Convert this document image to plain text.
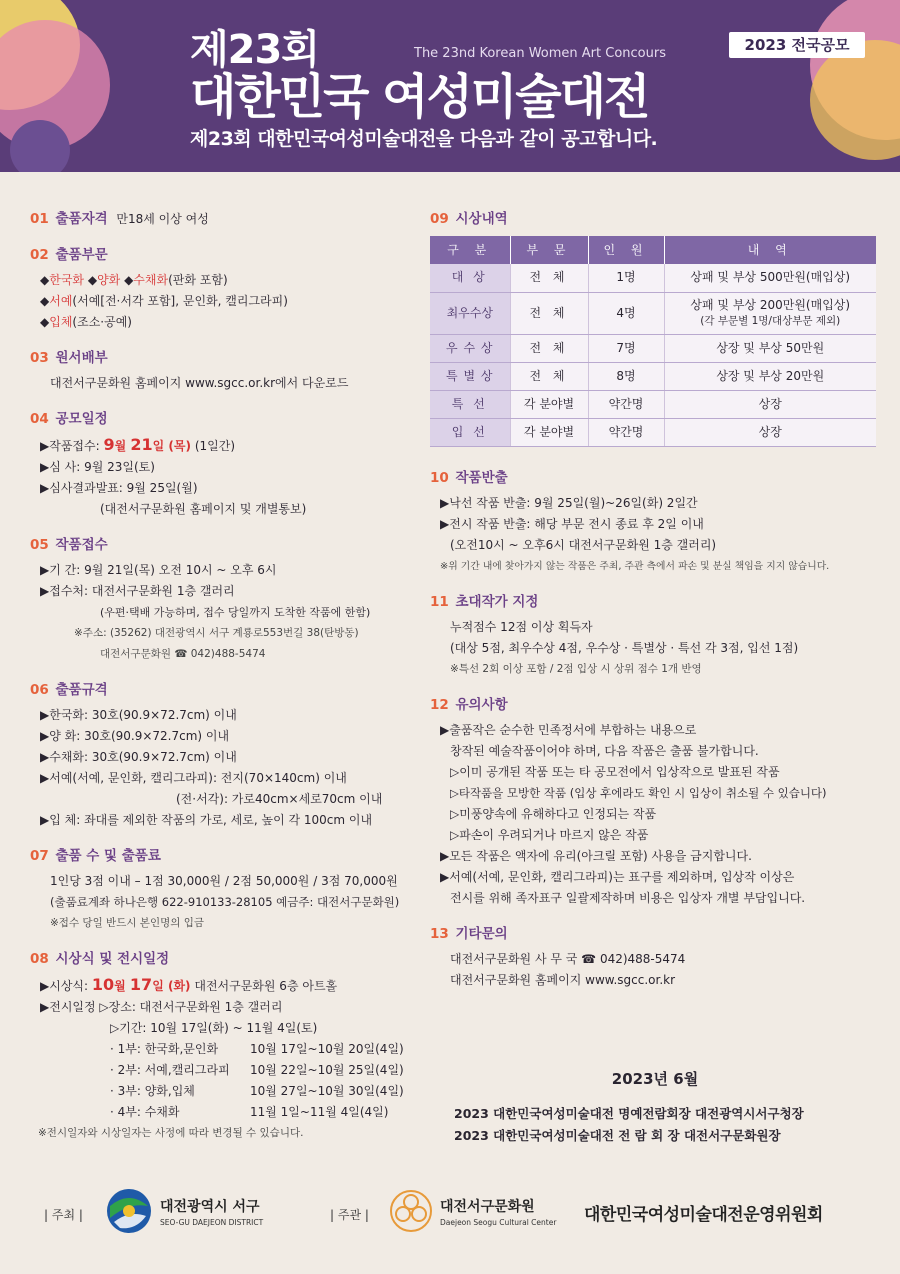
제23회	The 23nd Korean Women Art Concours	2023 전국공모
대한민국 여성미술대전
제23회 대한민국여성미술대전을 다음과 같이 공고합니다.
01 출품자격 만18세 이상 여성
02 출품부문
◆한국화 ◆양화 ◆수채화(판화 포함)
◆서예(서예[전·서각 포함], 문인화, 캘리그라피)
◆입체(조소·공예)
03 원서배부
대전서구문화원 홈페이지 www.sgcc.or.kr에서 다운로드
04 공모일정
▶작품접수: 9월 21일 (목) (1일간)
▶심 사: 9월 23일(토)
▶심사결과발표: 9월 25일(월)
(대전서구문화원 홈페이지 및 개별통보)
05 작품접수
▶기 간: 9월 21일(목) 오전 10시 ~ 오후 6시
▶접수처: 대전서구문화원 1층 갤러리
(우편·택배 가능하며, 접수 당일까지 도착한 작품에 한함)
※주소: (35262) 대전광역시 서구 계룡로553번길 38(탄방동)
대전서구문화원 ☎ 042)488-5474
06 출품규격
▶한국화: 30호(90.9×72.7cm) 이내
▶양 화: 30호(90.9×72.7cm) 이내
▶수채화: 30호(90.9×72.7cm) 이내
▶서예(서예, 문인화, 캘리그라피): 전지(70×140cm) 이내
(전·서각): 가로40cm×세로70cm 이내
▶입 체: 좌대를 제외한 작품의 가로, 세로, 높이 각 100cm 이내
07 출품 수 및 출품료
1인당 3점 이내 – 1점 30,000원 / 2점 50,000원 / 3점 70,000원
(출품료계좌 하나은행 622-910133-28105 예금주: 대전서구문화원)
※접수 당일 반드시 본인명의 입금
08 시상식 및 전시일정
▶시상식: 10월 17일 (화) 대전서구문화원 6층 아트홀
▶전시일정 ▷장소: 대전서구문화원 1층 갤러리
▷기간: 10월 17일(화) ~ 11월 4일(토)
· 1부: 한국화,문인화	10월 17일~10월 20일(4일)
· 2부: 서예,캘리그라피 10월 22일~10월 25일(4일)
· 3부: 양화,입체	10월 27일~10월 30일(4일)
· 4부: 수채화	11월 1일~11월 4일(4일)
※전시일자와 시상일자는 사정에 따라 변경될 수 있습니다.
09 시상내역
구 분	부 문	인 원	내 역
대 상	전 체	1명	상패 및 부상 500만원(매입상)
최우수상	전 체	4명	상패 및 부상 200만원(매입상)
(각 부문별 1명/대상부문 제외)

우 수 상	전 체	7명	상장 및 부상 50만원
특 별 상	전 체	8명	상장 및 부상 20만원
특 선	각 분야별	약간명	상장
입 선	각 분야별	약간명	상장
10 작품반출
▶낙선 작품 반출: 9월 25일(월)~26일(화) 2일간
▶전시 작품 반출: 해당 부문 전시 종료 후 2일 이내
(오전10시 ~ 오후6시 대전서구문화원 1층 갤러리)
※위 기간 내에 찾아가지 않는 작품은 주최, 주관 측에서 파손 및 분실 책임을 지지 않습니다.
11 초대작가 지정
누적점수 12점 이상 획득자
(대상 5점, 최우수상 4점, 우수상 · 특별상 · 특선 각 3점, 입선 1점)
※특선 2회 이상 포함 / 2점 입상 시 상위 점수 1개 반영
12 유의사항
▶출품작은 순수한 민족정서에 부합하는 내용으로
창작된 예술작품이어야 하며, 다음 작품은 출품 불가합니다.
▷이미 공개된 작품 또는 타 공모전에서 입상작으로 발표된 작품
▷타작품을 모방한 작품 (입상 후에라도 확인 시 입상이 취소될 수 있습니다)
▷미풍양속에 유해하다고 인정되는 작품
▷파손이 우려되거나 마르지 않은 작품
▶모든 작품은 액자에 유리(아크릴 포함) 사용을 금지합니다.
▶서예(서예, 문인화, 캘리그라피)는 표구를 제외하며, 입상작 이상은
전시를 위해 족자표구 일괄제작하며 비용은 입상자 개별 부담입니다.
13 기타문의
대전서구문화원 사 무 국 ☎ 042)488-5474
대전서구문화원 홈페이지 www.sgcc.or.kr
2023년 6월
2023 대한민국여성미술대전 명예전람회장 대전광역시서구청장
2023 대한민국여성미술대전 전 람 회 장 대전서구문화원장
| 주최 |	대전광역시 서구
SEO-GU DAEJEON DISTRICT
| 주관 |	대전서구문화원
Daejeon Seogu Cultural Center 대한민국여성미술대전운영위원회
